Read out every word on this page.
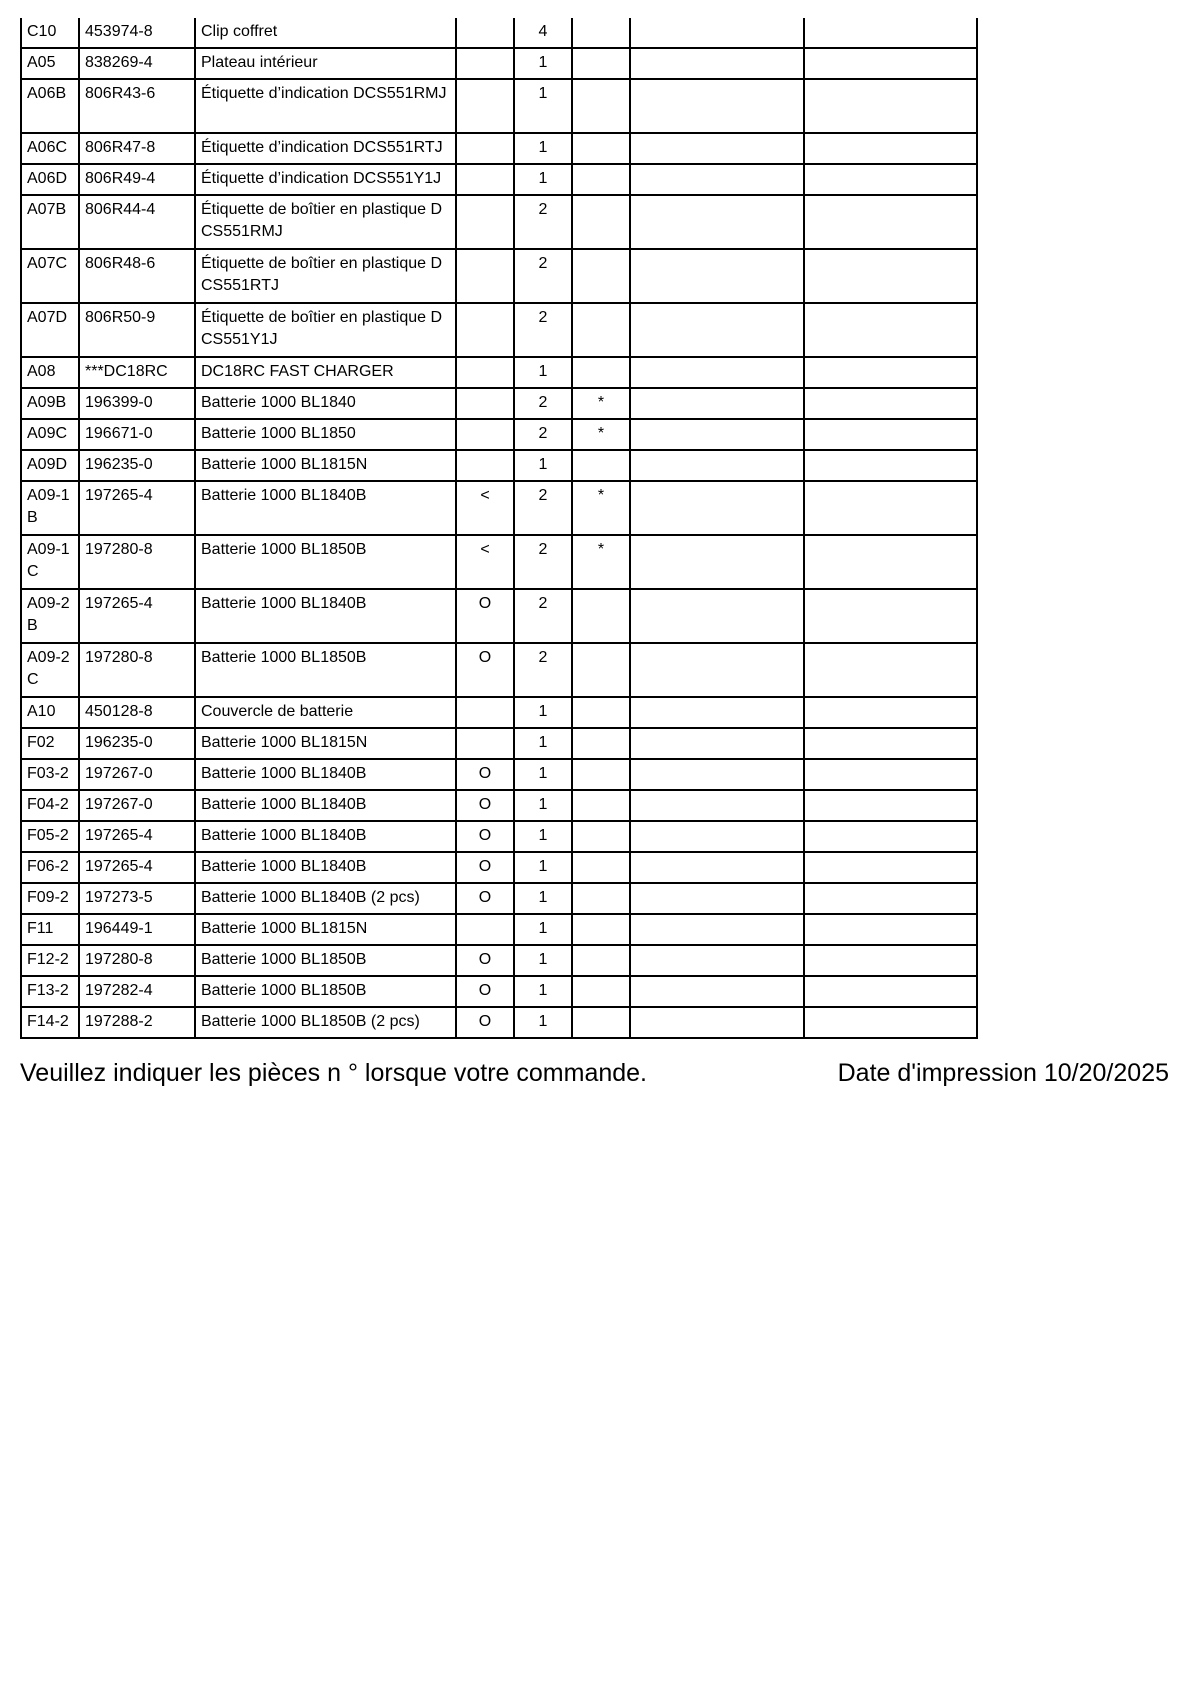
C10	453974-8	Clip coffret		4			
A05	838269-4	Plateau intérieur		1			
A06B	806R43-6	Étiquette d’indication DCS551RMJ		1			
A06C	806R47-8	Étiquette d’indication DCS551RTJ		1			
A06D	806R49-4	Étiquette d’indication DCS551Y1J		1			
A07B	806R44-4	Étiquette de boîtier en plastique DCS551RMJ		2			
A07C	806R48-6	Étiquette de boîtier en plastique DCS551RTJ		2			
A07D	806R50-9	Étiquette de boîtier en plastique DCS551Y1J		2			
A08	***DC18RC	DC18RC FAST CHARGER		1			
A09B	196399-0	Batterie 1000 BL1840		2	*		
A09C	196671-0	Batterie 1000 BL1850		2	*		
A09D	196235-0	Batterie 1000 BL1815N		1			
A09-1B	197265-4	Batterie 1000 BL1840B	<	2	*		
A09-1C	197280-8	Batterie 1000 BL1850B	<	2	*		
A09-2B	197265-4	Batterie 1000 BL1840B	O	2			
A09-2C	197280-8	Batterie 1000 BL1850B	O	2			
A10	450128-8	Couvercle de batterie		1			
F02	196235-0	Batterie 1000 BL1815N		1			
F03-2	197267-0	Batterie 1000 BL1840B	O	1			
F04-2	197267-0	Batterie 1000 BL1840B	O	1			
F05-2	197265-4	Batterie 1000 BL1840B	O	1			
F06-2	197265-4	Batterie 1000 BL1840B	O	1			
F09-2	197273-5	Batterie 1000 BL1840B (2 pcs)	O	1			
F11	196449-1	Batterie 1000 BL1815N		1			
F12-2	197280-8	Batterie 1000 BL1850B	O	1			
F13-2	197282-4	Batterie 1000 BL1850B	O	1			
F14-2	197288-2	Batterie 1000 BL1850B (2 pcs)	O	1			
Veuillez indiquer les pièces n ° lorsque votre commande.	Date d'impression 10/20/2025
